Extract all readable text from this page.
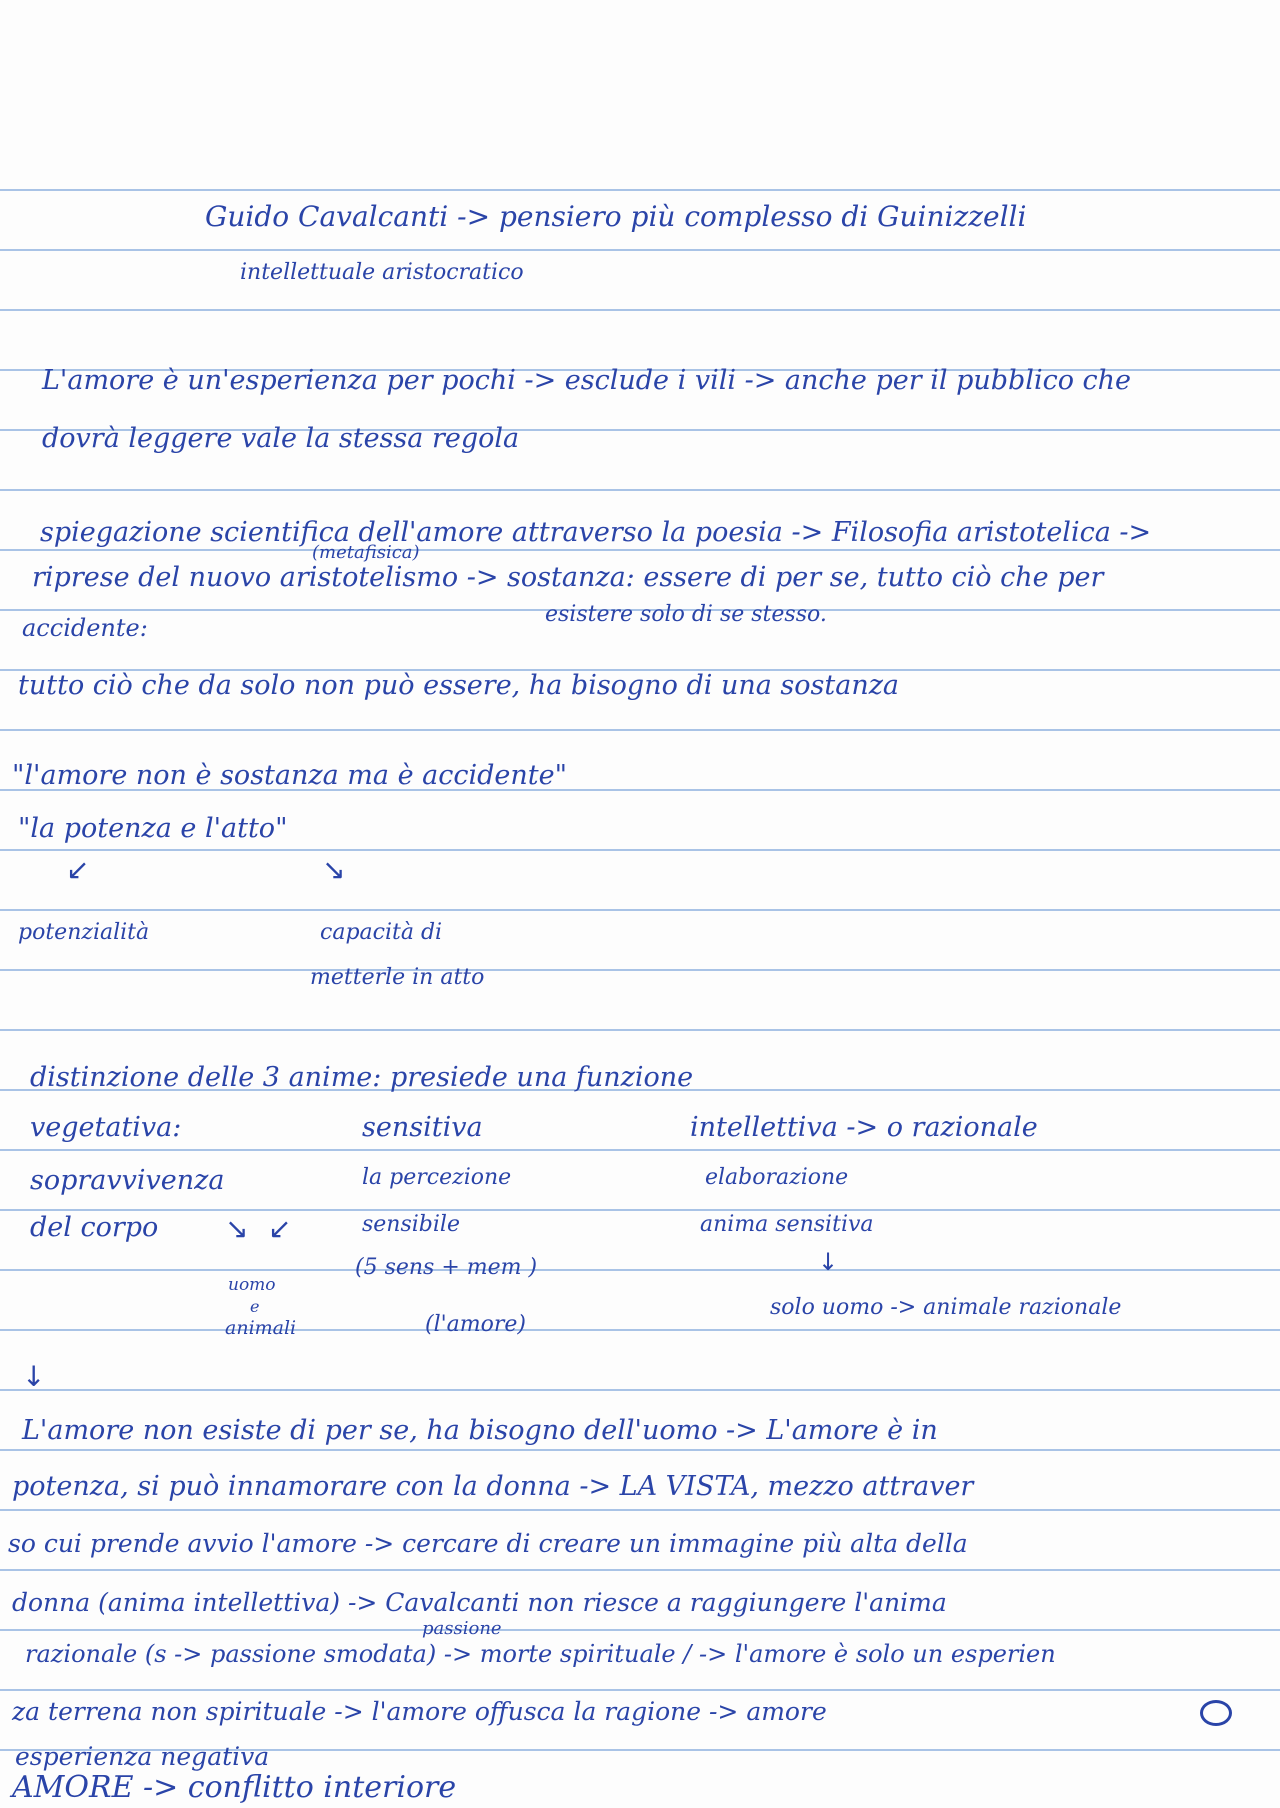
Guido Cavalcanti -> pensiero più complesso di Guinizzelli
intellettuale aristocratico
L'amore è un'esperienza per pochi -> esclude i vili -> anche per il pubblico che
dovrà leggere vale la stessa regola
spiegazione scientifica dell'amore attraverso la poesia -> Filosofia aristotelica ->
(metafisica)
riprese del nuovo aristotelismo -> sostanza: essere di per se, tutto ciò che per
esistere solo di se stesso.
accidente:
tutto ciò che da solo non può essere, ha bisogno di una sostanza
"l'amore non è sostanza ma è accidente"
"la potenza e l'atto"
↙	↘
potenzialità	capacità di
metterle in atto
distinzione delle 3 anime: presiede una funzione
vegetativa:
sopravvivenza
del corpo
sensitiva
la percezione
sensibile
(5 sens + mem )
(l'amore)
intellettiva -> o razionale
elaborazione
anima sensitiva
↓
solo uomo -> animale razionale
↘ ↙
uomo
e
animali
↓
L'amore non esiste di per se, ha bisogno dell'uomo -> L'amore è in
potenza, si può innamorare con la donna -> LA VISTA, mezzo attraver
so cui prende avvio l'amore -> cercare di creare un immagine più alta della
donna (anima intellettiva) -> Cavalcanti non riesce a raggiungere l'anima
passione
razionale (s -> passione smodata) -> morte spirituale / -> l'amore è solo un esperien
za terrena non spirituale -> l'amore offusca la ragione -> amore
esperienza negativa
AMORE -> conflitto interiore
